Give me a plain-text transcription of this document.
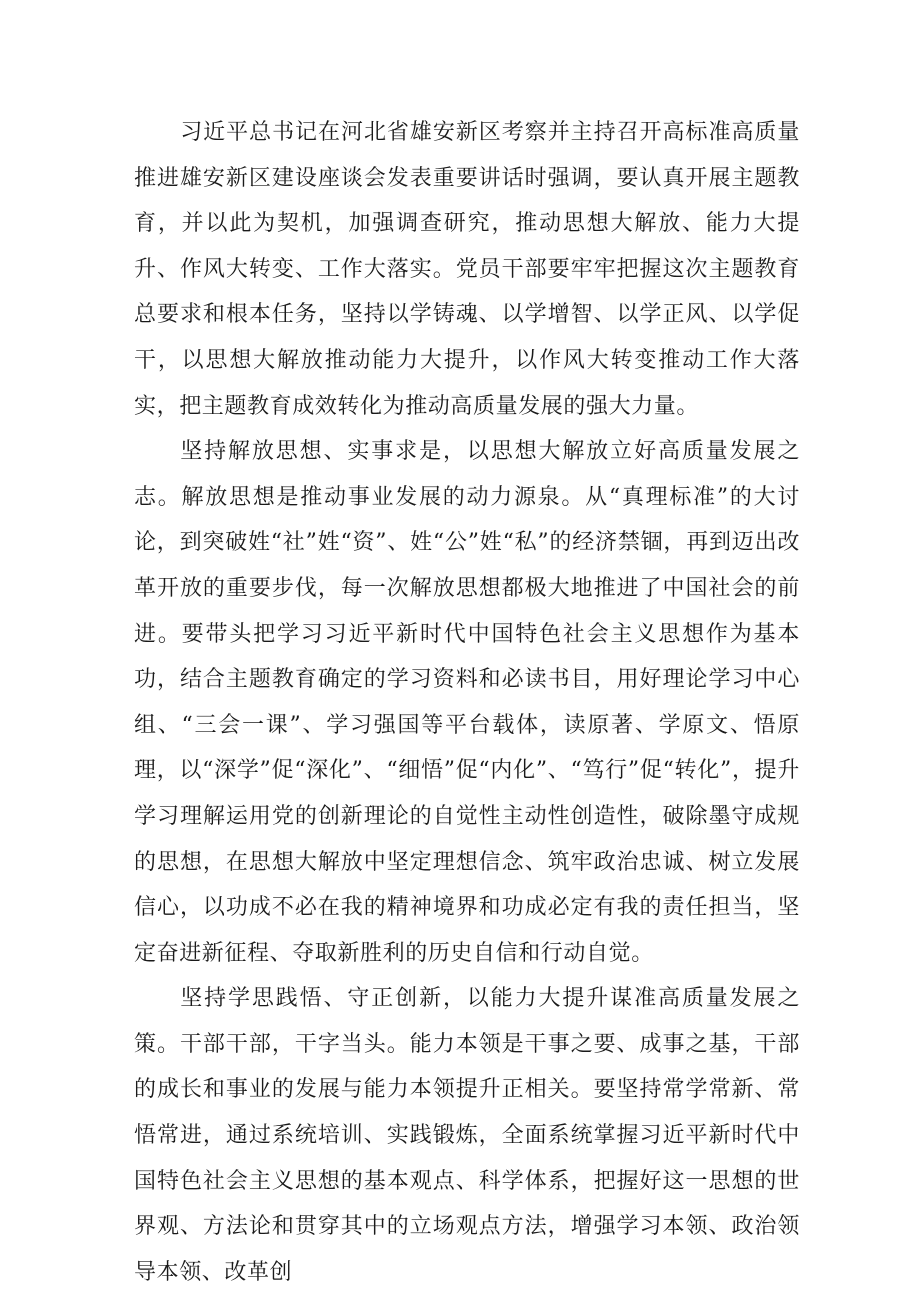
习近平总书记在河北省雄安新区考察并主持召开高标准高质量推进雄安新区建设座谈会发表重要讲话时强调，要认真开展主题教育，并以此为契机，加强调查研究，推动思想大解放、能力大提升、作风大转变、工作大落实。党员干部要牢牢把握这次主题教育总要求和根本任务，坚持以学铸魂、以学增智、以学正风、以学促干，以思想大解放推动能力大提升，以作风大转变推动工作大落实，把主题教育成效转化为推动高质量发展的强大力量。

坚持解放思想、实事求是，以思想大解放立好高质量发展之志。解放思想是推动事业发展的动力源泉。从“真理标准”的大讨论，到突破姓“社”姓“资”、姓“公”姓“私”的经济禁锢，再到迈出改革开放的重要步伐，每一次解放思想都极大地推进了中国社会的前进。要带头把学习习近平新时代中国特色社会主义思想作为基本功，结合主题教育确定的学习资料和必读书目，用好理论学习中心组、“三会一课”、学习强国等平台载体，读原著、学原文、悟原理，以“深学”促“深化”、“细悟”促“内化”、“笃行”促“转化”，提升学习理解运用党的创新理论的自觉性主动性创造性，破除墨守成规的思想，在思想大解放中坚定理想信念、筑牢政治忠诚、树立发展信心，以功成不必在我的精神境界和功成必定有我的责任担当，坚定奋进新征程、夺取新胜利的历史自信和行动自觉。

坚持学思践悟、守正创新，以能力大提升谋准高质量发展之策。干部干部，干字当头。能力本领是干事之要、成事之基，干部的成长和事业的发展与能力本领提升正相关。要坚持常学常新、常悟常进，通过系统培训、实践锻炼，全面系统掌握习近平新时代中国特色社会主义思想的基本观点、科学体系，把握好这一思想的世界观、方法论和贯穿其中的立场观点方法，增强学习本领、政治领导本领、改革创
